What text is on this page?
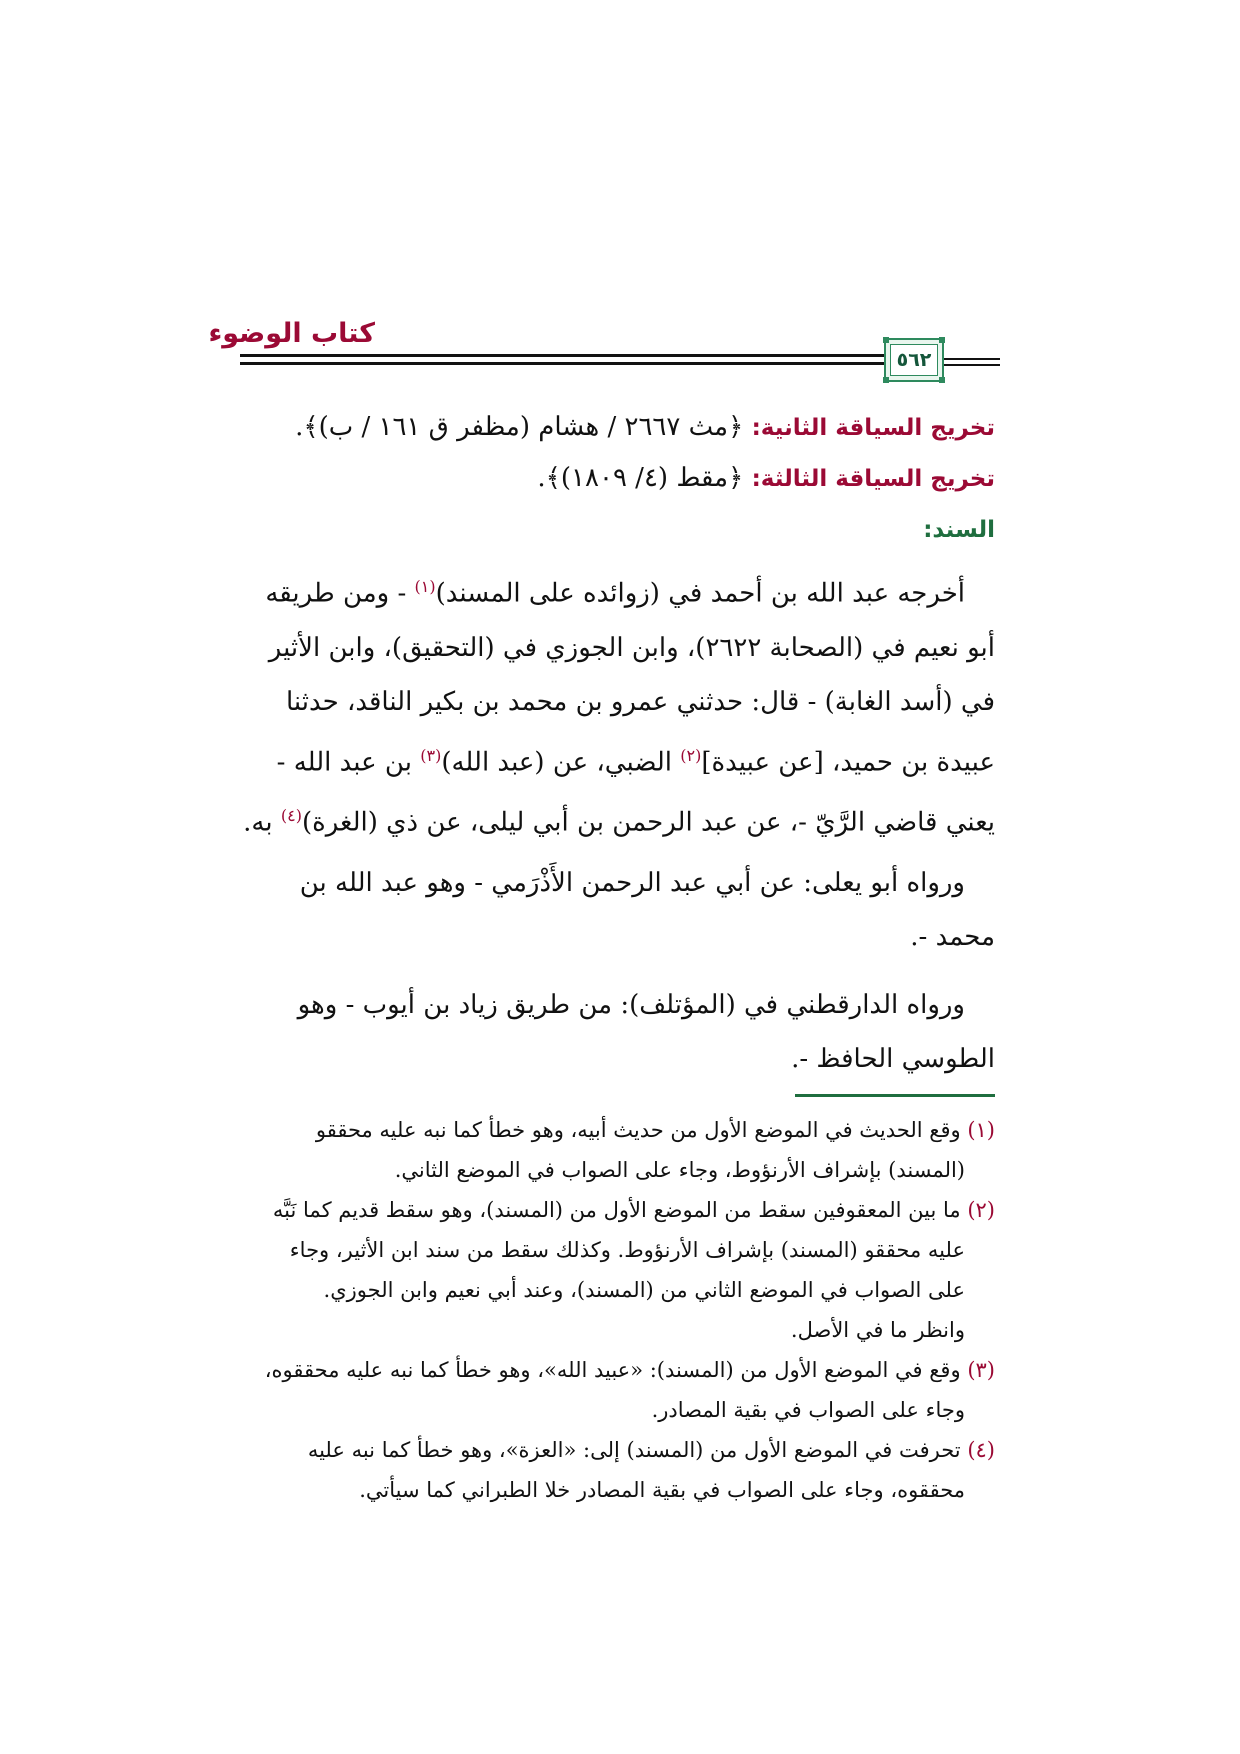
كتاب الوضوء
٥٦٢
تخريج السياقة الثانية: ﴿مث ٢٦٦٧ / هشام (مظفر ق ١٦١ / ب)﴾.
تخريج السياقة الثالثة: ﴿مقط (٤/ ١٨٠٩)﴾.
السند:
أخرجه عبد الله بن أحمد في (زوائده على المسند)$^{(١)}$ - ومن طريقه
أبو نعيم في (الصحابة ٢٦٢٢)، وابن الجوزي في (التحقيق)، وابن الأثير
في (أسد الغابة) - قال: حدثني عمرو بن محمد بن بكير الناقد، حدثنا
عبيدة بن حميد، [عن عبيدة]$^{(٢)}$ الضبي، عن (عبد الله)$^{(٣)}$ بن عبد الله -
يعني قاضي الرَّيّ -، عن عبد الرحمن بن أبي ليلى، عن ذي (الغرة)$^{(٤)}$ به.
ورواه أبو يعلى: عن أبي عبد الرحمن الأَذْرَمي - وهو عبد الله بن
محمد -.
ورواه الدارقطني في (المؤتلف): من طريق زياد بن أيوب - وهو
الطوسي الحافظ -.
(١) وقع الحديث في الموضع الأول من حديث أبيه، وهو خطأ كما نبه عليه محققو
(المسند) بإشراف الأرنؤوط، وجاء على الصواب في الموضع الثاني.
(٢) ما بين المعقوفين سقط من الموضع الأول من (المسند)، وهو سقط قديم كما نَبَّه
عليه محققو (المسند) بإشراف الأرنؤوط. وكذلك سقط من سند ابن الأثير، وجاء
على الصواب في الموضع الثاني من (المسند)، وعند أبي نعيم وابن الجوزي.
وانظر ما في الأصل.
(٣) وقع في الموضع الأول من (المسند): «عبيد الله»، وهو خطأ كما نبه عليه محققوه،
وجاء على الصواب في بقية المصادر.
(٤) تحرفت في الموضع الأول من (المسند) إلى: «العزة»، وهو خطأ كما نبه عليه
محققوه، وجاء على الصواب في بقية المصادر خلا الطبراني كما سيأتي.
